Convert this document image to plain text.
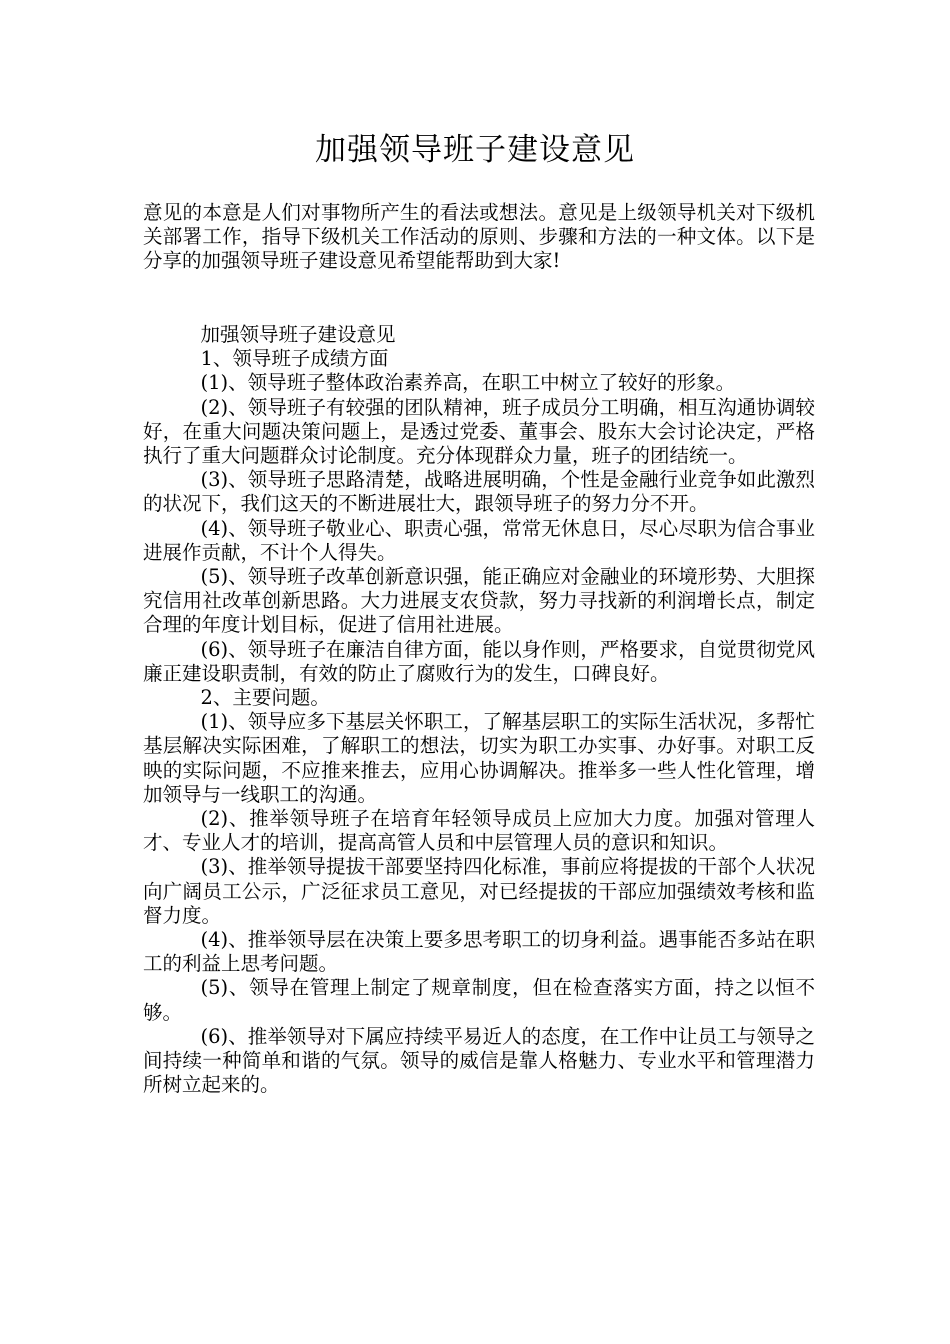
加强领导班子建设意见
意见的本意是人们对事物所产生的看法或想法。意见是上级领导机关对下级机关部署工作，指导下级机关工作活动的原则、步骤和方法的一种文体。以下是分享的加强领导班子建设意见希望能帮助到大家!

加强领导班子建设意见

1、领导班子成绩方面

(1)、领导班子整体政治素养高，在职工中树立了较好的形象。

(2)、领导班子有较强的团队精神，班子成员分工明确，相互沟通协调较好，在重大问题决策问题上，是透过党委、董事会、股东大会讨论决定，严格执行了重大问题群众讨论制度。充分体现群众力量，班子的团结统一。

(3)、领导班子思路清楚，战略进展明确，个性是金融行业竞争如此激烈的状况下，我们这天的不断进展壮大，跟领导班子的努力分不开。

(4)、领导班子敬业心、职责心强，常常无休息日，尽心尽职为信合事业进展作贡献，不计个人得失。

(5)、领导班子改革创新意识强，能正确应对金融业的环境形势、大胆探究信用社改革创新思路。大力进展支农贷款，努力寻找新的利润增长点，制定合理的年度计划目标，促进了信用社进展。

(6)、领导班子在廉洁自律方面，能以身作则，严格要求，自觉贯彻党风廉正建设职责制，有效的防止了腐败行为的发生，口碑良好。

2、主要问题。

(1)、领导应多下基层关怀职工，了解基层职工的实际生活状况，多帮忙基层解决实际困难，了解职工的想法，切实为职工办实事、办好事。对职工反映的实际问题，不应推来推去，应用心协调解决。推举多一些人性化管理，增加领导与一线职工的沟通。

(2)、推举领导班子在培育年轻领导成员上应加大力度。加强对管理人才、专业人才的培训，提高高管人员和中层管理人员的意识和知识。

(3)、推举领导提拔干部要坚持四化标准，事前应将提拔的干部个人状况向广阔员工公示，广泛征求员工意见，对已经提拔的干部应加强绩效考核和监督力度。

(4)、推举领导层在决策上要多思考职工的切身利益。遇事能否多站在职工的利益上思考问题。

(5)、领导在管理上制定了规章制度，但在检查落实方面，持之以恒不够。

(6)、推举领导对下属应持续平易近人的态度，在工作中让员工与领导之间持续一种简单和谐的气氛。领导的威信是靠人格魅力、专业水平和管理潜力所树立起来的。
